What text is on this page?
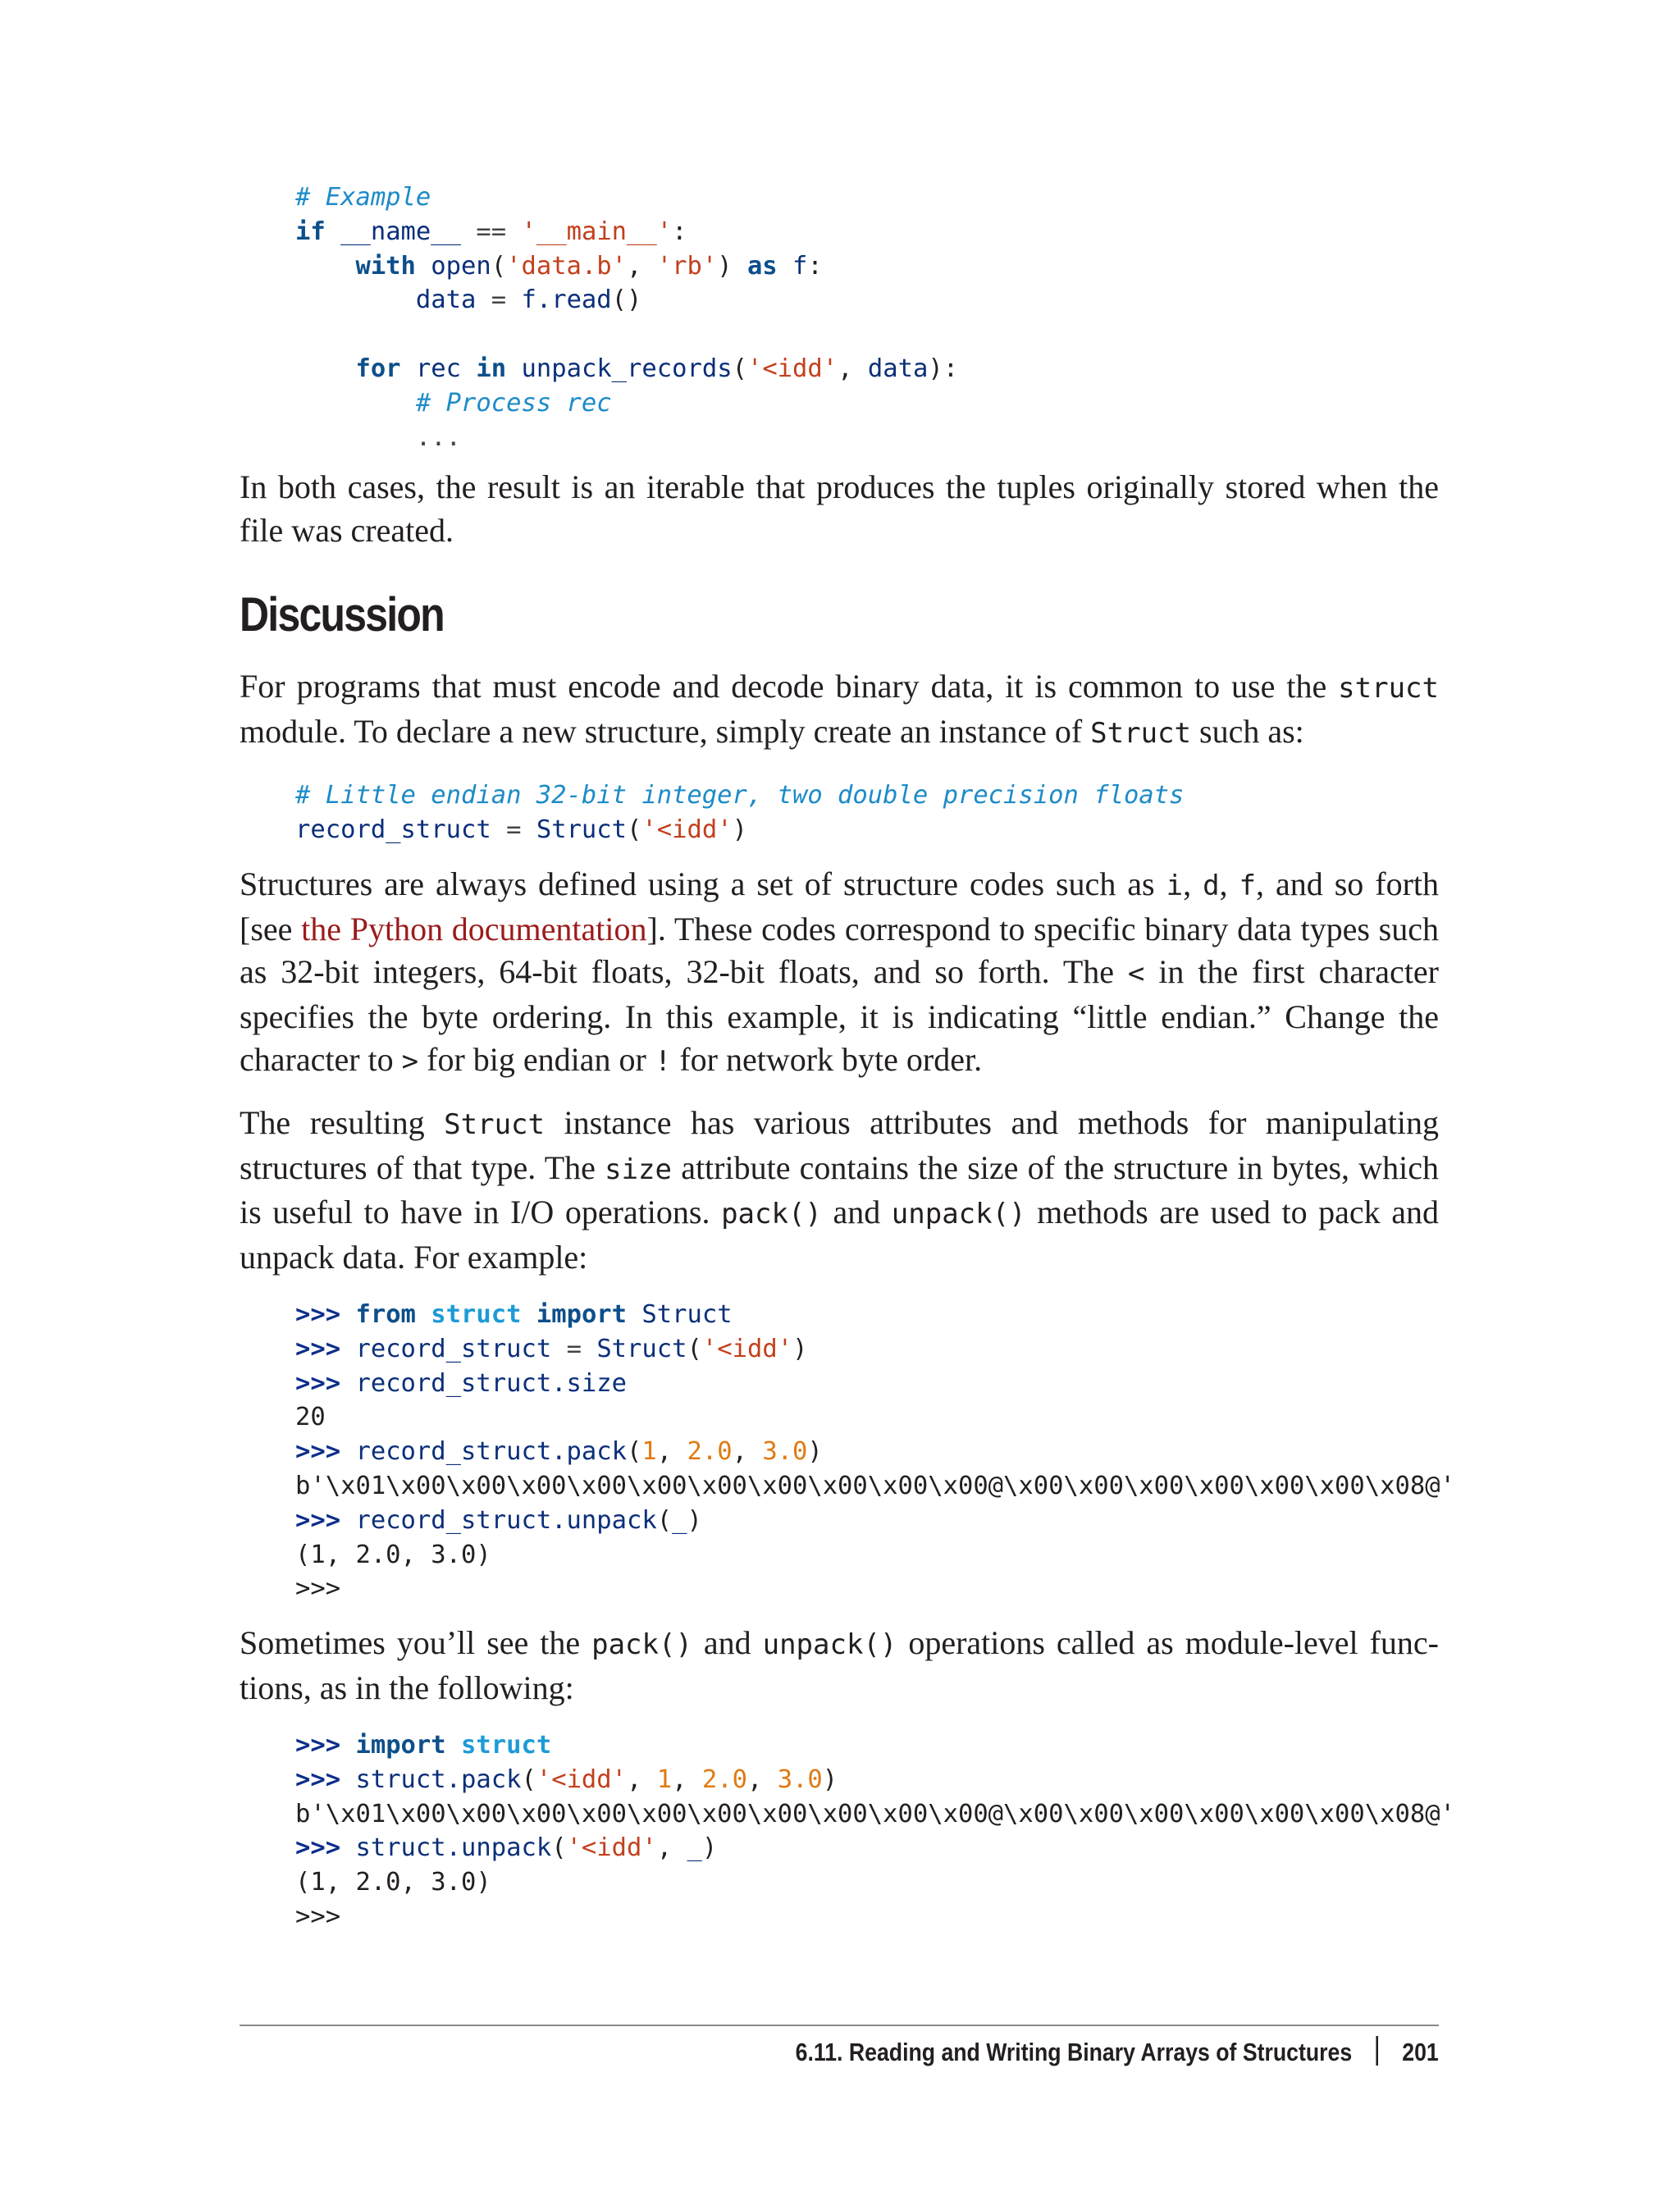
# Example
if __name__ == '__main__':
with open('data.b', 'rb') as f:
data = f.read()

for rec in unpack_records('<idd', data):
# Process rec
...

In both cases, the result is an iterable that produces the tuples originally stored when the file was created.

Discussion

For programs that must encode and decode binary data, it is common to use the struct module. To declare a new structure, simply create an instance of Struct such as:

# Little endian 32-bit integer, two double precision floats
record_struct = Struct('<idd')

Structures are always defined using a set of structure codes such as i, d, f, and so forth [see the Python documentation]. These codes correspond to specific binary data types such as 32-bit integers, 64-bit floats, 32-bit floats, and so forth. The < in the first character specifies the byte ordering. In this example, it is indicating “little endian.” Change the character to > for big endian or ! for network byte order.

The resulting Struct instance has various attributes and methods for manipulating structures of that type. The size attribute contains the size of the structure in bytes, which is useful to have in I/O operations. pack() and unpack() methods are used to pack and unpack data. For example:

>>> from struct import Struct
>>> record_struct = Struct('<idd')
>>> record_struct.size
20
>>> record_struct.pack(1, 2.0, 3.0)
b'\x01\x00\x00\x00\x00\x00\x00\x00\x00\x00\x00@\x00\x00\x00\x00\x00\x00\x08@'
>>> record_struct.unpack(_)
(1, 2.0, 3.0)
>>>

Sometimes you’ll see the pack() and unpack() operations called as module-level functions, as in the following:

>>> import struct
>>> struct.pack('<idd', 1, 2.0, 3.0)
b'\x01\x00\x00\x00\x00\x00\x00\x00\x00\x00\x00@\x00\x00\x00\x00\x00\x00\x08@'
>>> struct.unpack('<idd', _)
(1, 2.0, 3.0)
>>>
6.11. Reading and Writing Binary Arrays of Structures 201
